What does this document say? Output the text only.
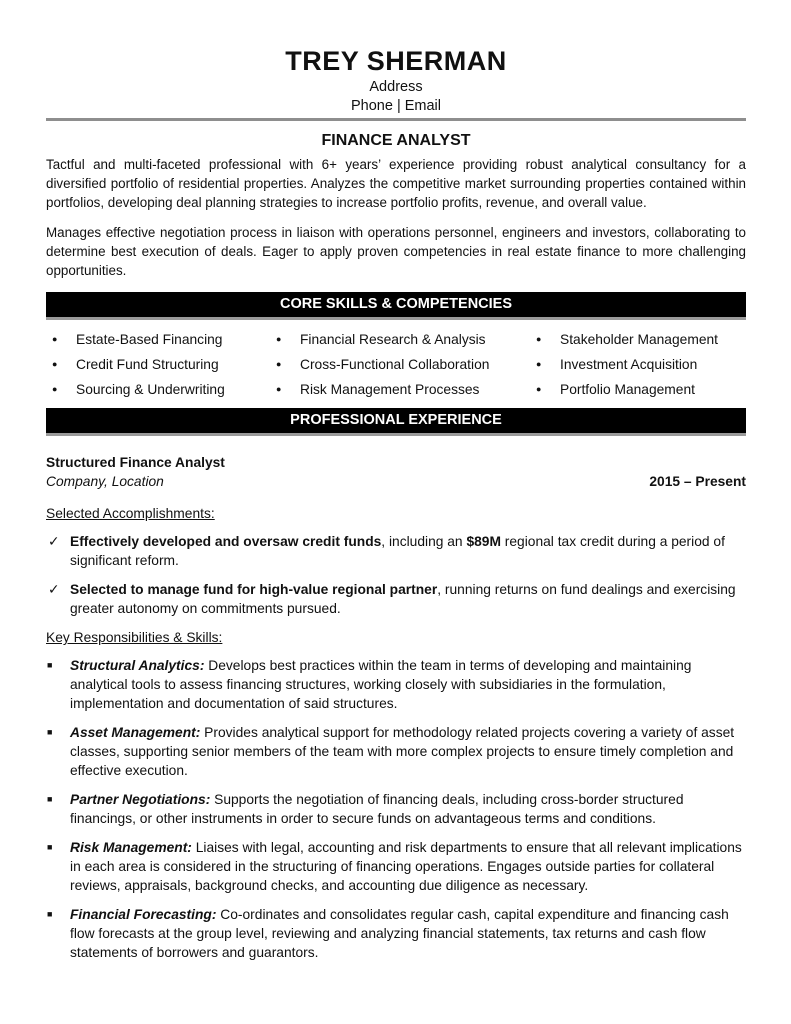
TREY SHERMAN
Address
Phone | Email
FINANCE ANALYST

Tactful and multi-faceted professional with 6+ years’ experience providing robust analytical consultancy for a diversified portfolio of residential properties. Analyzes the competitive market surrounding properties contained within portfolios, developing deal planning strategies to increase portfolio profits, revenue, and overall value.

Manages effective negotiation process in liaison with operations personnel, engineers and investors, collaborating to determine best execution of deals. Eager to apply proven competencies in real estate finance to more challenging opportunities.

CORE SKILLS & COMPETENCIES
● Estate-Based Financing
● Credit Fund Structuring
● Sourcing & Underwriting
● Financial Research & Analysis
● Cross-Functional Collaboration
● Risk Management Processes
● Stakeholder Management
● Investment Acquisition
● Portfolio Management
PROFESSIONAL EXPERIENCE
Structured Finance Analyst
Company, Location	2015 – Present
Selected Accomplishments:
✓ Effectively developed and oversaw credit funds, including an $89M regional tax credit during a period of significant reform.
✓ Selected to manage fund for high-value regional partner, running returns on fund dealings and exercising greater autonomy on commitments pursued.
Key Responsibilities & Skills:
■ Structural Analytics: Develops best practices within the team in terms of developing and maintaining analytical tools to assess financing structures, working closely with subsidiaries in the formulation, implementation and documentation of said structures.
■ Asset Management: Provides analytical support for methodology related projects covering a variety of asset classes, supporting senior members of the team with more complex projects to ensure timely completion and effective execution.
■ Partner Negotiations: Supports the negotiation of financing deals, including cross-border structured financings, or other instruments in order to secure funds on advantageous terms and conditions.
■ Risk Management: Liaises with legal, accounting and risk departments to ensure that all relevant implications in each area is considered in the structuring of financing operations. Engages outside parties for collateral reviews, appraisals, background checks, and accounting due diligence as necessary.
■ Financial Forecasting: Co-ordinates and consolidates regular cash, capital expenditure and financing cash flow forecasts at the group level, reviewing and analyzing financial statements, tax returns and cash flow statements of borrowers and guarantors.
